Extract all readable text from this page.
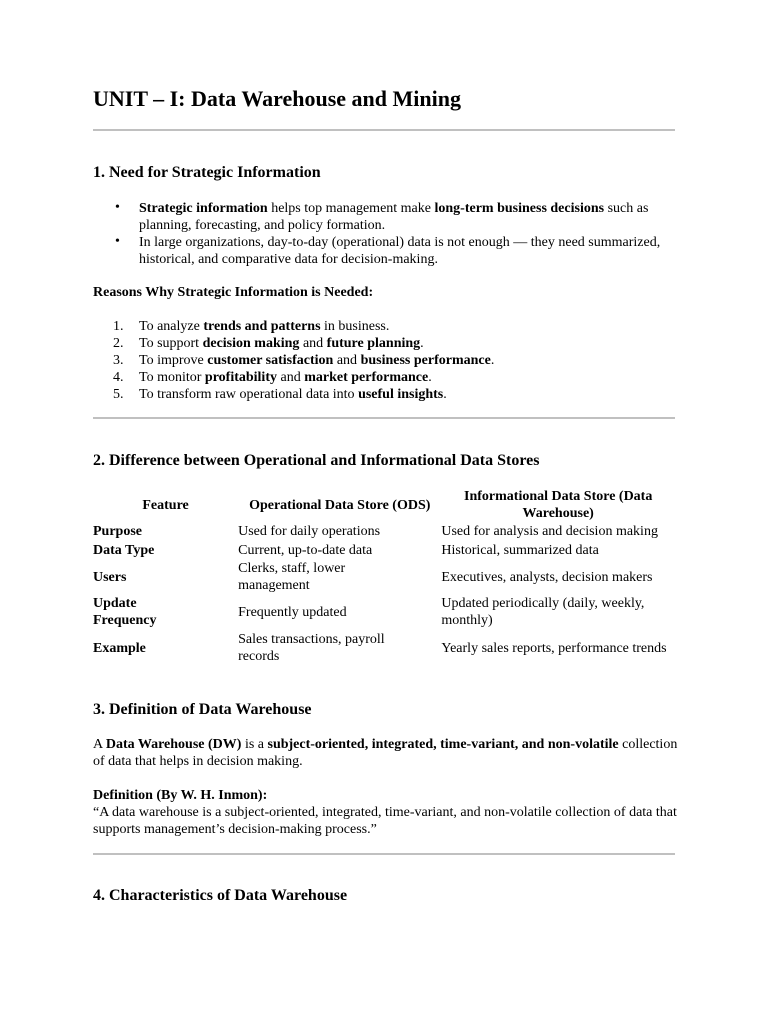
UNIT – I: Data Warehouse and Mining
1. Need for Strategic Information
• Strategic information helps top management make long-term business decisions such as planning, forecasting, and policy formation.
• In large organizations, day-to-day (operational) data is not enough — they need summarized, historical, and comparative data for decision-making.
Reasons Why Strategic Information is Needed:
1. To analyze trends and patterns in business.
2. To support decision making and future planning.
3. To improve customer satisfaction and business performance.
4. To monitor profitability and market performance.
5. To transform raw operational data into useful insights.
2. Difference between Operational and Informational Data Stores
Feature	Operational Data Store (ODS)	Informational Data Store (Data Warehouse)
Purpose	Used for daily operations	Used for analysis and decision making
Data Type	Current, up-to-date data	Historical, summarized data
Users	Clerks, staff, lower management	Executives, analysts, decision makers
Update Frequency	Frequently updated	Updated periodically (daily, weekly, monthly)
Example	Sales transactions, payroll records	Yearly sales reports, performance trends
3. Definition of Data Warehouse
A Data Warehouse (DW) is a subject-oriented, integrated, time-variant, and non-volatile collection of data that helps in decision making.
Definition (By W. H. Inmon):
“A data warehouse is a subject-oriented, integrated, time-variant, and non-volatile collection of data that supports management’s decision-making process.”
4. Characteristics of Data Warehouse
